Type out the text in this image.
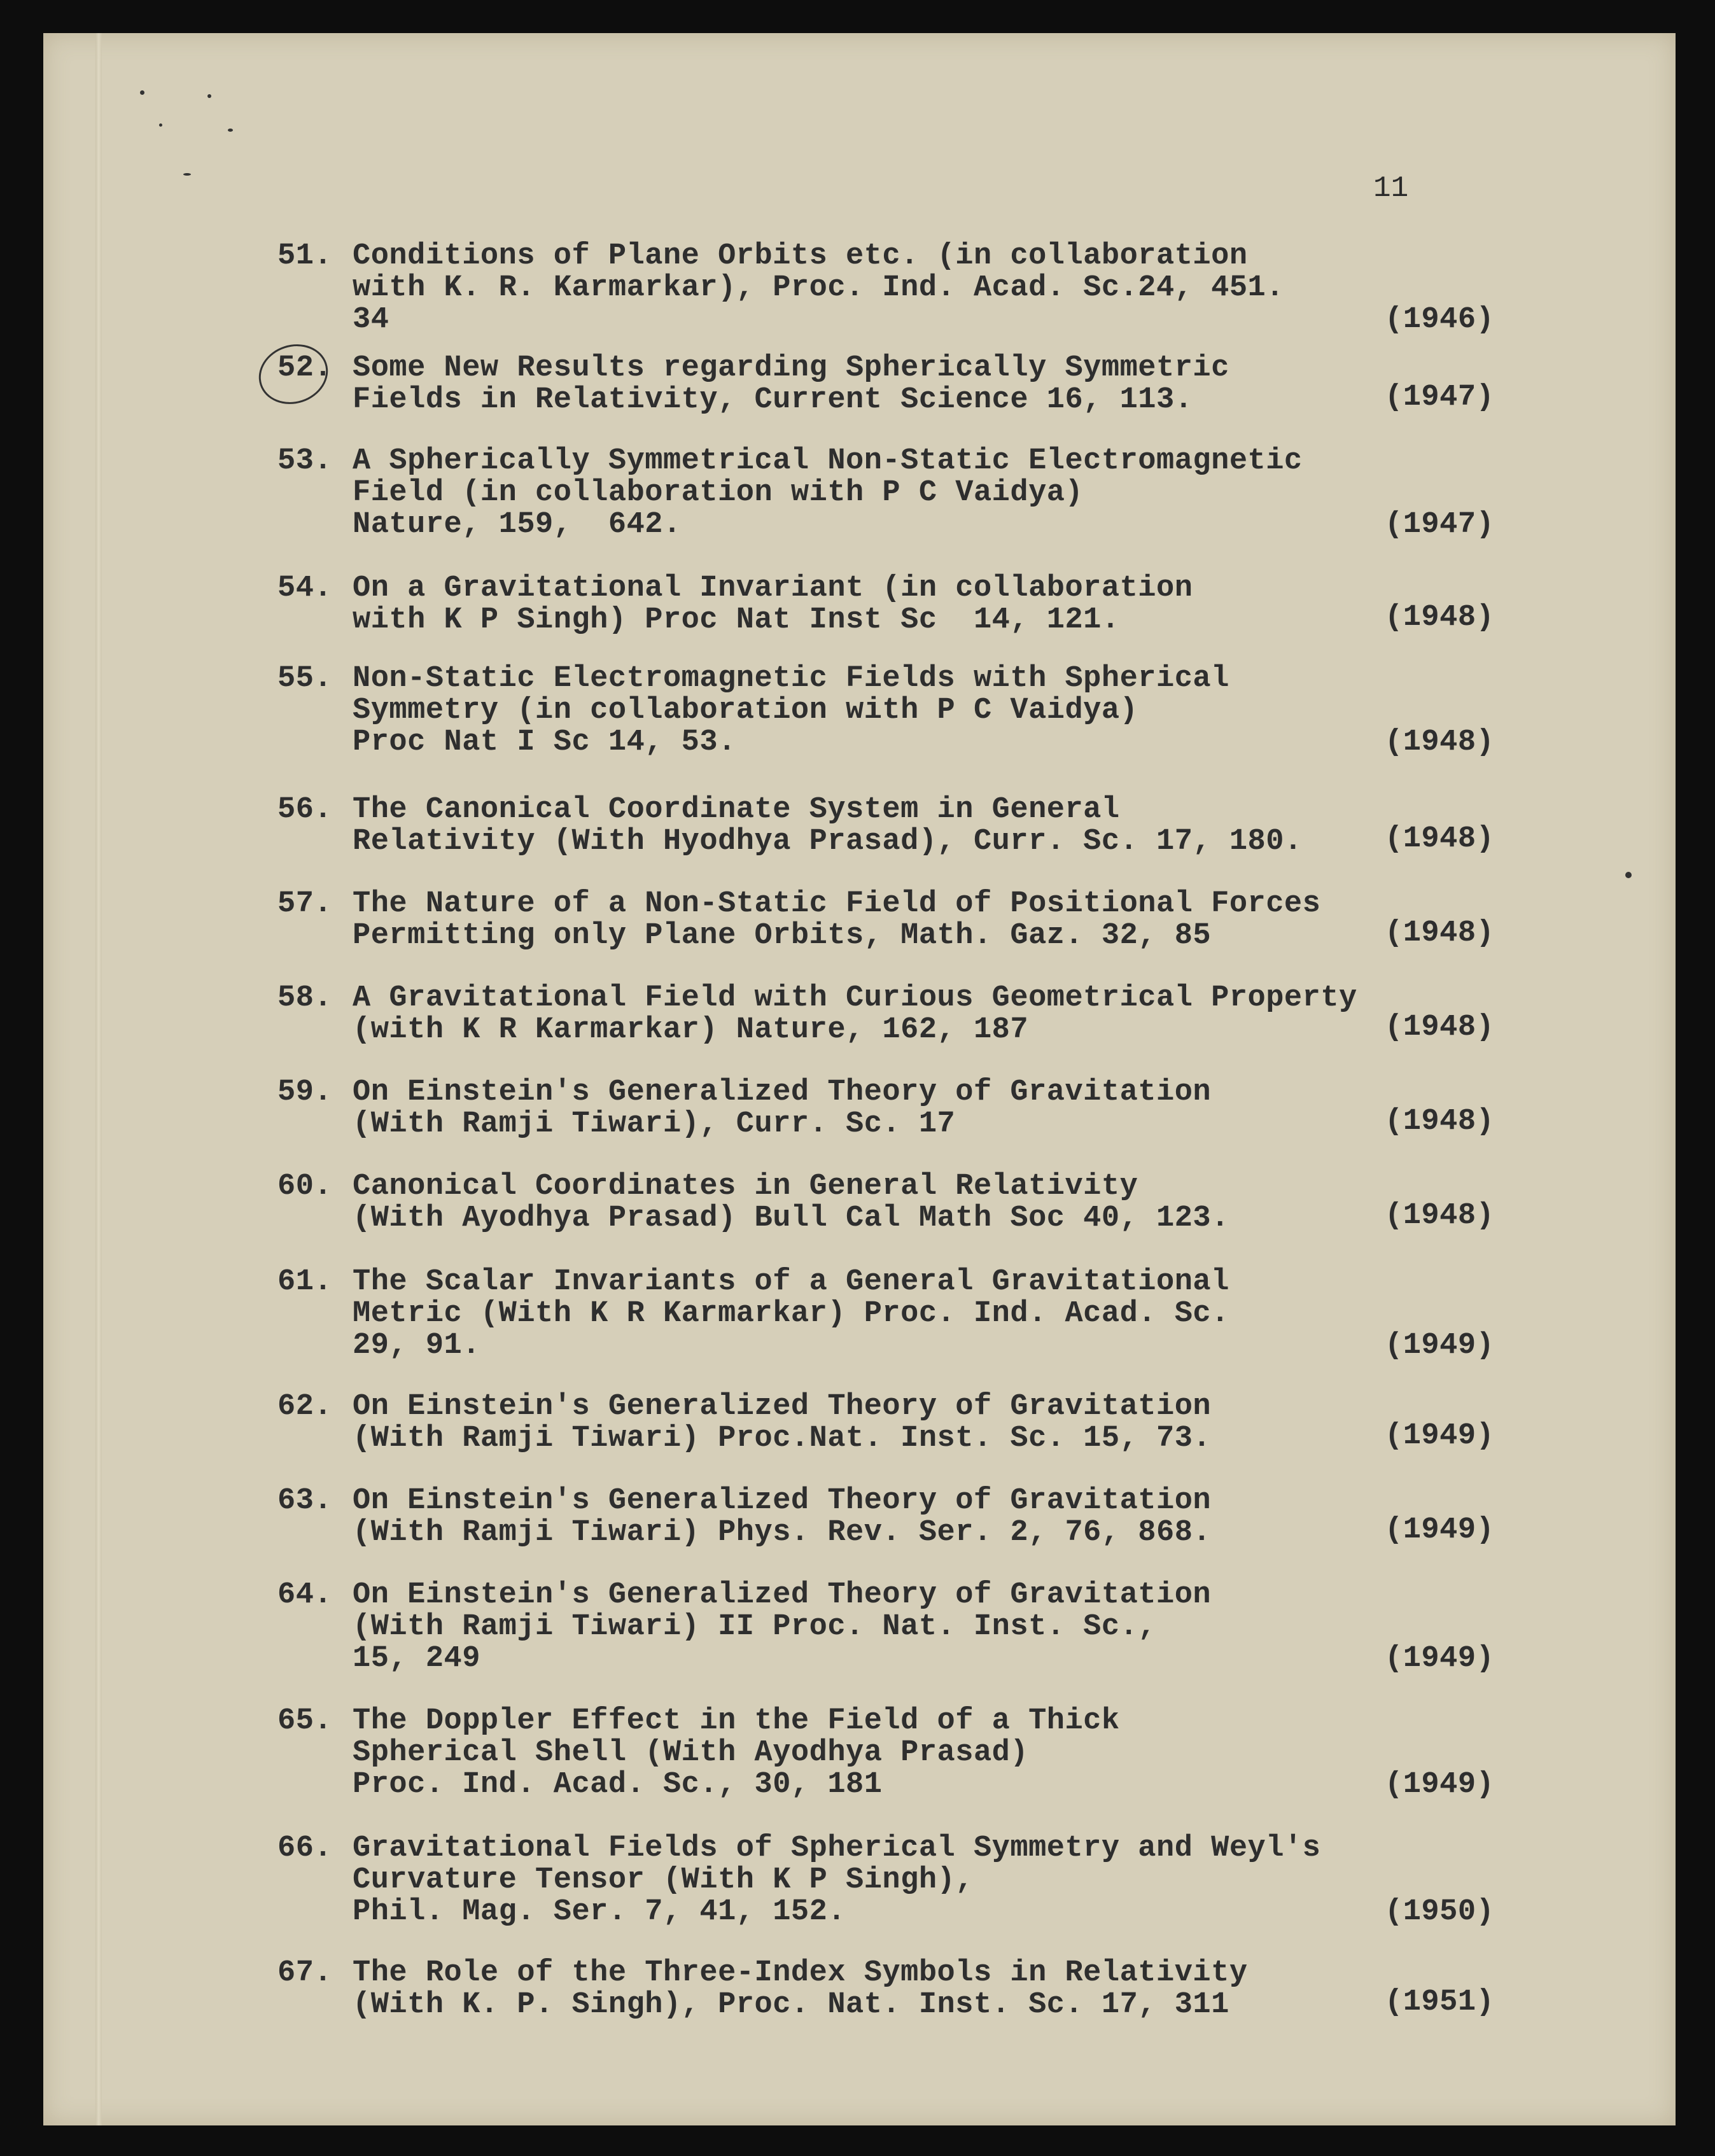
11
51. Conditions of Plane Orbits etc. (in collaboration
with K. R. Karmarkar), Proc. Ind. Acad. Sc.24, 451.
34	(1946)
52. Some New Results regarding Spherically Symmetric
Fields in Relativity, Current Science 16, 113.	(1947)
53. A Spherically Symmetrical Non-Static Electromagnetic
Field (in collaboration with P C Vaidya)
Nature, 159,  642.	(1947)
54. On a Gravitational Invariant (in collaboration
with K P Singh) Proc Nat Inst Sc  14, 121.	(1948)
55. Non-Static Electromagnetic Fields with Spherical
Symmetry (in collaboration with P C Vaidya)
Proc Nat I Sc 14, 53.	(1948)
56. The Canonical Coordinate System in General
Relativity (With Hyodhya Prasad), Curr. Sc. 17, 180.	(1948)
57. The Nature of a Non-Static Field of Positional Forces
Permitting only Plane Orbits, Math. Gaz. 32, 85	(1948)
58. A Gravitational Field with Curious Geometrical Property
(with K R Karmarkar) Nature, 162, 187	(1948)
59. On Einstein's Generalized Theory of Gravitation
(With Ramji Tiwari), Curr. Sc. 17	(1948)
60. Canonical Coordinates in General Relativity
(With Ayodhya Prasad) Bull Cal Math Soc 40, 123.	(1948)
61. The Scalar Invariants of a General Gravitational
Metric (With K R Karmarkar) Proc. Ind. Acad. Sc.
29, 91.	(1949)
62. On Einstein's Generalized Theory of Gravitation
(With Ramji Tiwari) Proc.Nat. Inst. Sc. 15, 73.	(1949)
63. On Einstein's Generalized Theory of Gravitation
(With Ramji Tiwari) Phys. Rev. Ser. 2, 76, 868.	(1949)
64. On Einstein's Generalized Theory of Gravitation
(With Ramji Tiwari) II Proc. Nat. Inst. Sc.,
15, 249	(1949)
65. The Doppler Effect in the Field of a Thick
Spherical Shell (With Ayodhya Prasad)
Proc. Ind. Acad. Sc., 30, 181	(1949)
66. Gravitational Fields of Spherical Symmetry and Weyl's
Curvature Tensor (With K P Singh),
Phil. Mag. Ser. 7, 41, 152.	(1950)
67. The Role of the Three-Index Symbols in Relativity
(With K. P. Singh), Proc. Nat. Inst. Sc. 17, 311	(1951)
